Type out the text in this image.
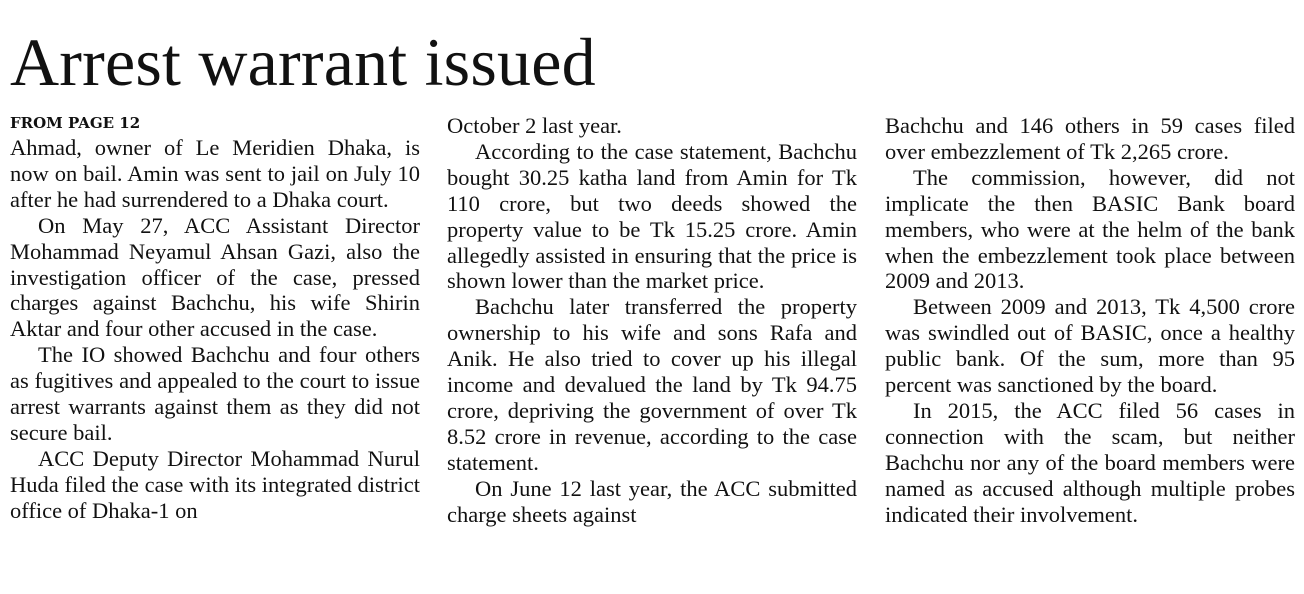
Arrest warrant issued
FROM PAGE 12

Ahmad, owner of Le Meridien Dhaka, is now on bail. Amin was sent to jail on July 10 after he had surrendered to a Dhaka court.

On May 27, ACC Assistant Director Mohammad Neyamul Ahsan Gazi, also the investigation officer of the case, pressed charges against Bachchu, his wife Shirin Aktar and four other accused in the case.

The IO showed Bachchu and four others as fugitives and appealed to the court to issue arrest warrants against them as they did not secure bail.

ACC Deputy Director Mohammad Nurul Huda filed the case with its integrated district office of Dhaka-1 on

October 2 last year.

According to the case statement, Bachchu bought 30.25 katha land from Amin for Tk 110 crore, but two deeds showed the property value to be Tk 15.25 crore. Amin allegedly assisted in ensuring that the price is shown lower than the market price.

Bachchu later transferred the property ownership to his wife and sons Rafa and Anik. He also tried to cover up his illegal income and devalued the land by Tk 94.75 crore, depriving the government of over Tk 8.52 crore in revenue, according to the case statement.

On June 12 last year, the ACC submitted charge sheets against

Bachchu and 146 others in 59 cases filed over embezzlement of Tk 2,265 crore.

The commission, however, did not implicate the then BASIC Bank board members, who were at the helm of the bank when the embezzlement took place between 2009 and 2013.

Between 2009 and 2013, Tk 4,500 crore was swindled out of BASIC, once a healthy public bank. Of the sum, more than 95 percent was sanctioned by the board.

In 2015, the ACC filed 56 cases in connection with the scam, but neither Bachchu nor any of the board members were named as accused although multiple probes indicated their involvement.
